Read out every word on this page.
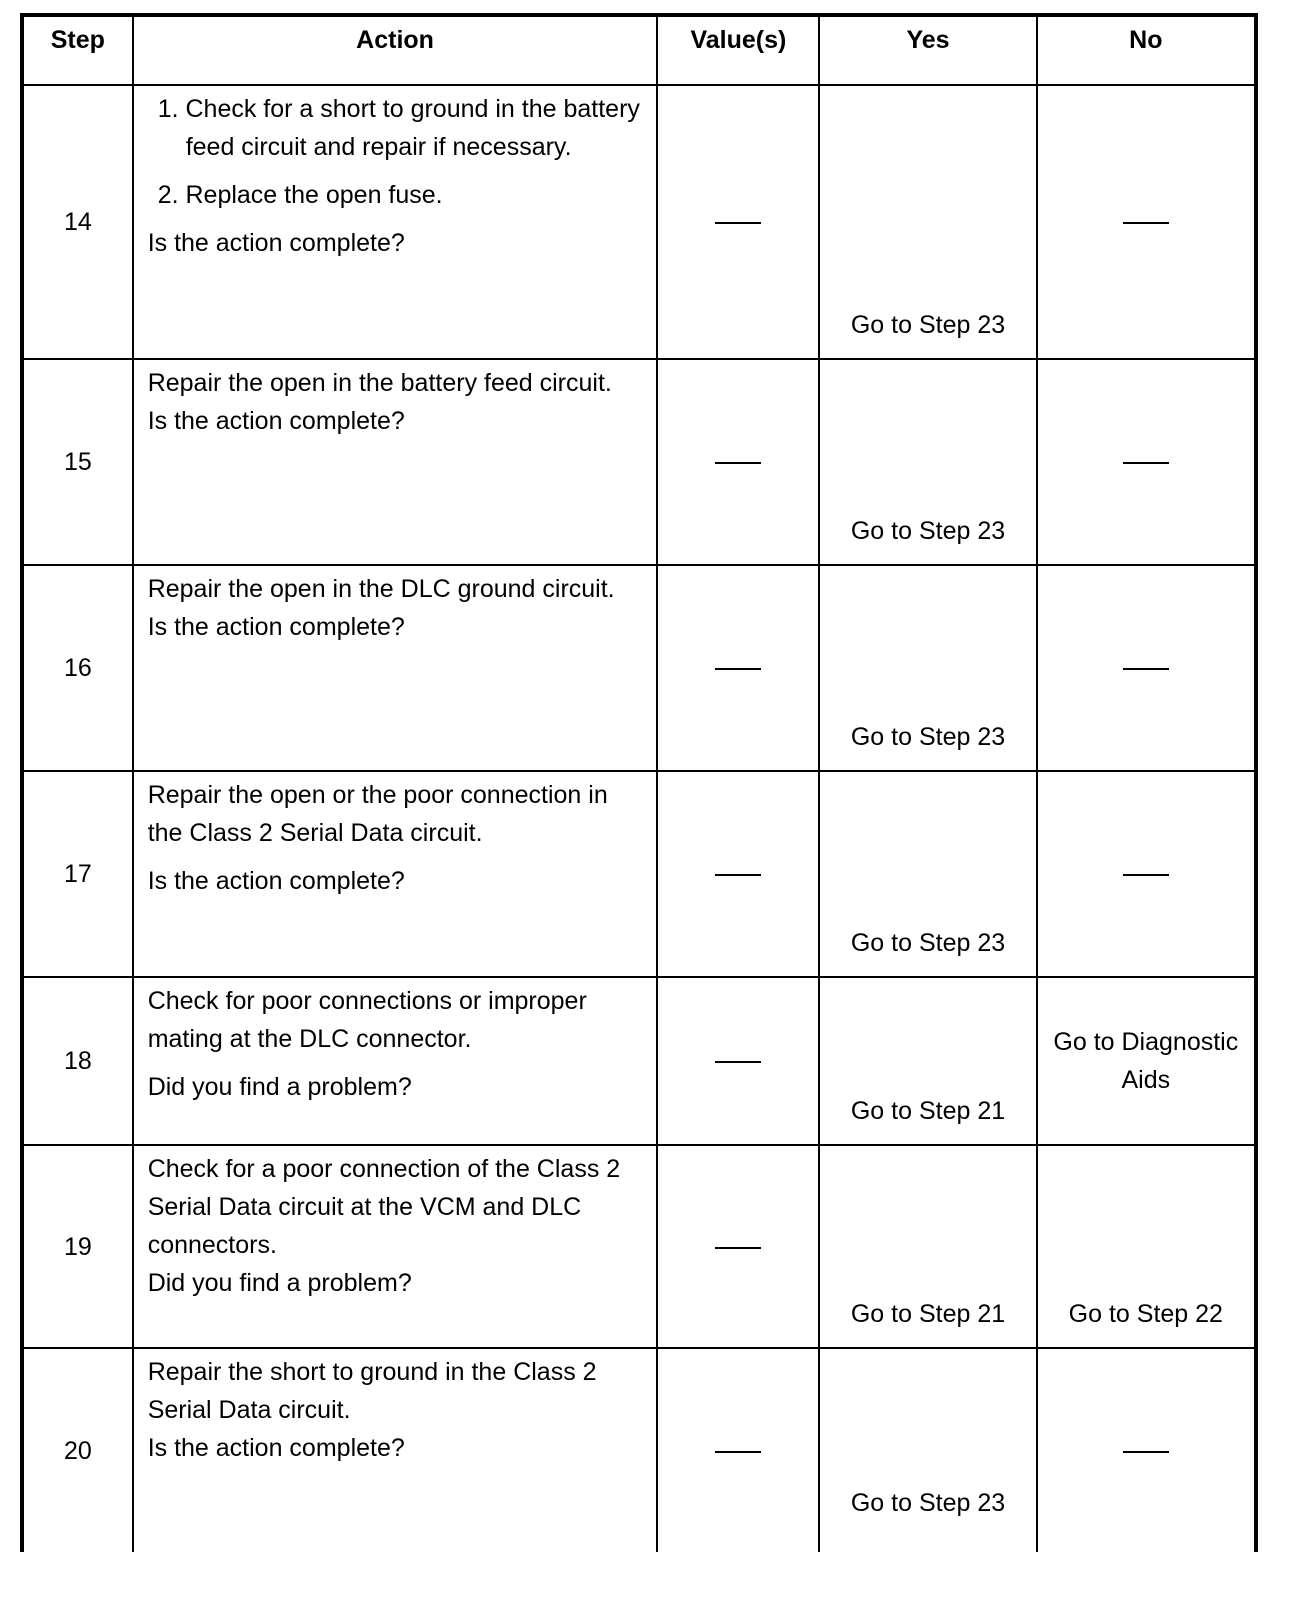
Step	Action	Value(s)	Yes	No
14	1. Check for a short to ground in the battery feed circuit and repair if necessary.

2. Replace the open fuse.

Is the action complete?		Go to Step 23	
15	Repair the open in the battery feed circuit.

Is the action complete?		Go to Step 23	
16	Repair the open in the DLC ground circuit.

Is the action complete?		Go to Step 23	
17	Repair the open or the poor connection in the Class 2 Serial Data circuit.

Is the action complete?		Go to Step 23	
18	Check for poor connections or improper mating at the DLC connector.

Did you find a problem?		Go to Step 21	Go to Diagnostic Aids
19	Check for a poor connection of the Class 2 Serial Data circuit at the VCM and DLC connectors.

Did you find a problem?		Go to Step 21	Go to Step 22
20	Repair the short to ground in the Class 2 Serial Data circuit.

Is the action complete?		Go to Step 23	
